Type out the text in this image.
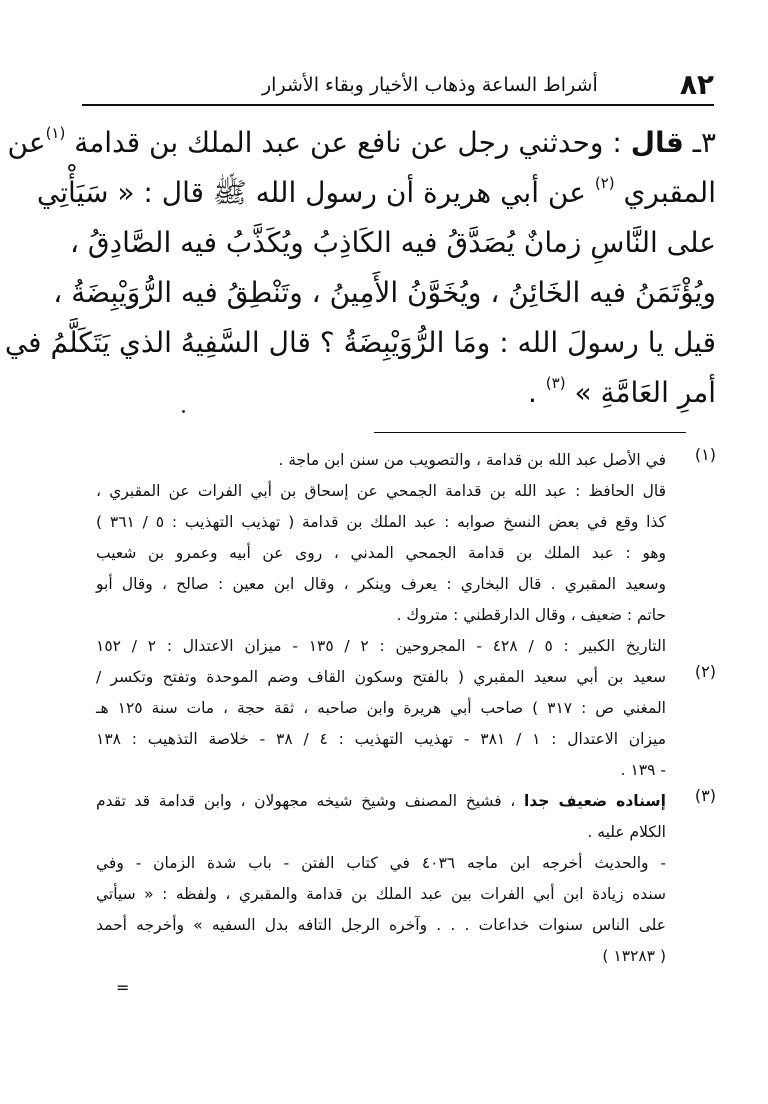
أشراط الساعة وذهاب الأخيار وبقاء الأشرار	٨٢
٣ـ قال : وحدثني رجل عن نافع عن عبد الملك بن قدامة $^{(١)}$عن
المقبري $^{(٢)}$ عن أبي هريرة أن رسول الله ﷺ قال : « سَيَأْتِي
على النَّاسِ زمانٌ يُصَدَّقُ فيه الكَاذِبُ ويُكَذَّبُ فيه الصَّادِقُ ،
ويُؤْتَمَنُ فيه الخَائِنُ ، ويُخَوَّنُ الأَمِينُ ، وتَنْطِقُ فيه الرُّوَيْبِضَةُ ،
قيل يا رسولَ الله : ومَا الرُّوَيْبِضَةُ ؟ قال السَّفِيهُ الذي يَتَكَلَّمُ في
أمرِ العَامَّةِ » $^{(٣)}$ .
(١)
في الأصل عبد الله بن قدامة ، والتصويب من سنن ابن ماجة .
قال الحافظ : عبد الله بن قدامة الجمحي عن إسحاق بن أبي الفرات عن المقبري ،
كذا وقع في بعض النسخ صوابه : عبد الملك بن قدامة ( تهذيب التهذيب : ٥ / ٣٦١ )
وهو : عبد الملك بن قدامة الجمحي المدني ، روى عن أبيه وعمرو بن شعيب
وسعيد المقبري . قال البخاري : يعرف وينكر ، وقال ابن معين : صالح ، وقال أبو
حاتم : ضعيف ، وقال الدارقطني : متروك .
التاريخ الكبير : ٥ / ٤٢٨ - المجروحين : ٢ / ١٣٥ - ميزان الاعتدال : ٢ / ١٥٢
(٢)
سعيد بن أبي سعيد المقبري ( بالفتح وسكون القاف وضم الموحدة وتفتح وتكسر /
المغني ص : ٣١٧ ) صاحب أبي هريرة وابن صاحبه ، ثقة حجة ، مات سنة ١٢٥ هـ
ميزان الاعتدال : ١ / ٣٨١ - تهذيب التهذيب : ٤ / ٣٨ - خلاصة التذهيب : ١٣٨
- ١٣٩ .
(٣)
إسناده ضعيف جدا ، فشيخ المصنف وشيخ شيخه مجهولان ، وابن قدامة قد تقدم
الكلام عليه .
- والحديث أخرجه ابن ماجه ٤٠٣٦ في كتاب الفتن - باب شدة الزمان - وفي
سنده زيادة ابن أبي الفرات بين عبد الملك بن قدامة والمقبري ، ولفظه : « سيأتي
على الناس سنوات خداعات . . . وآخره الرجل التافه بدل السفيه » وأخرجه أحمد
( ١٣٢٨٣ )
=
